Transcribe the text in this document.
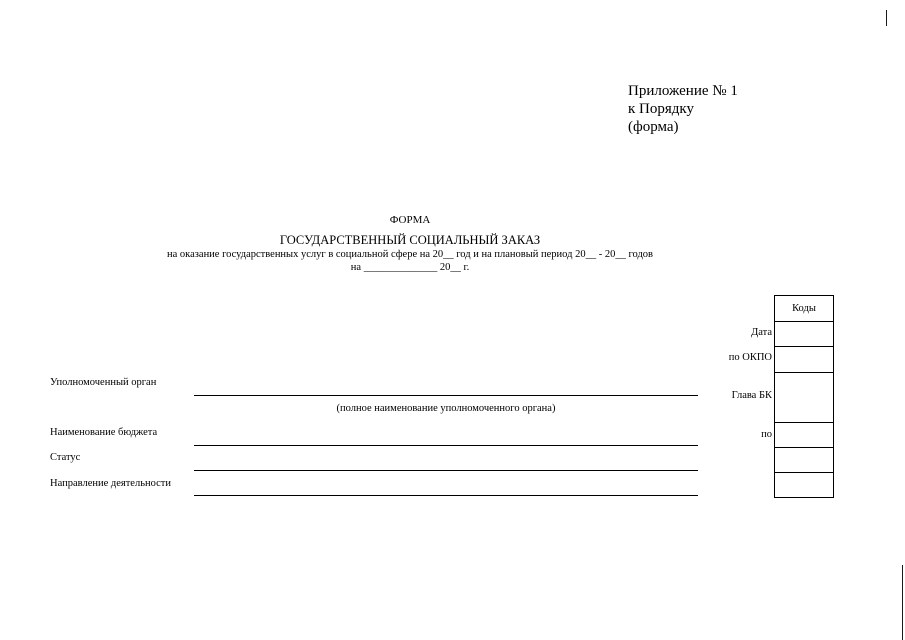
Приложение № 1
к Порядку
(форма)
ФОРМА
ГОСУДАРСТВЕННЫЙ СОЦИАЛЬНЫЙ ЗАКАЗ
на оказание государственных услуг в социальной сфере на 20__ год и на плановый период 20__ - 20__ годов
на ______________ 20__ г.
Уполномоченный орган
(полное наименование уполномоченного органа)
Наименование бюджета
Статус
Направление деятельности
Дата
по ОКПО
Глава БК
по
Коды
